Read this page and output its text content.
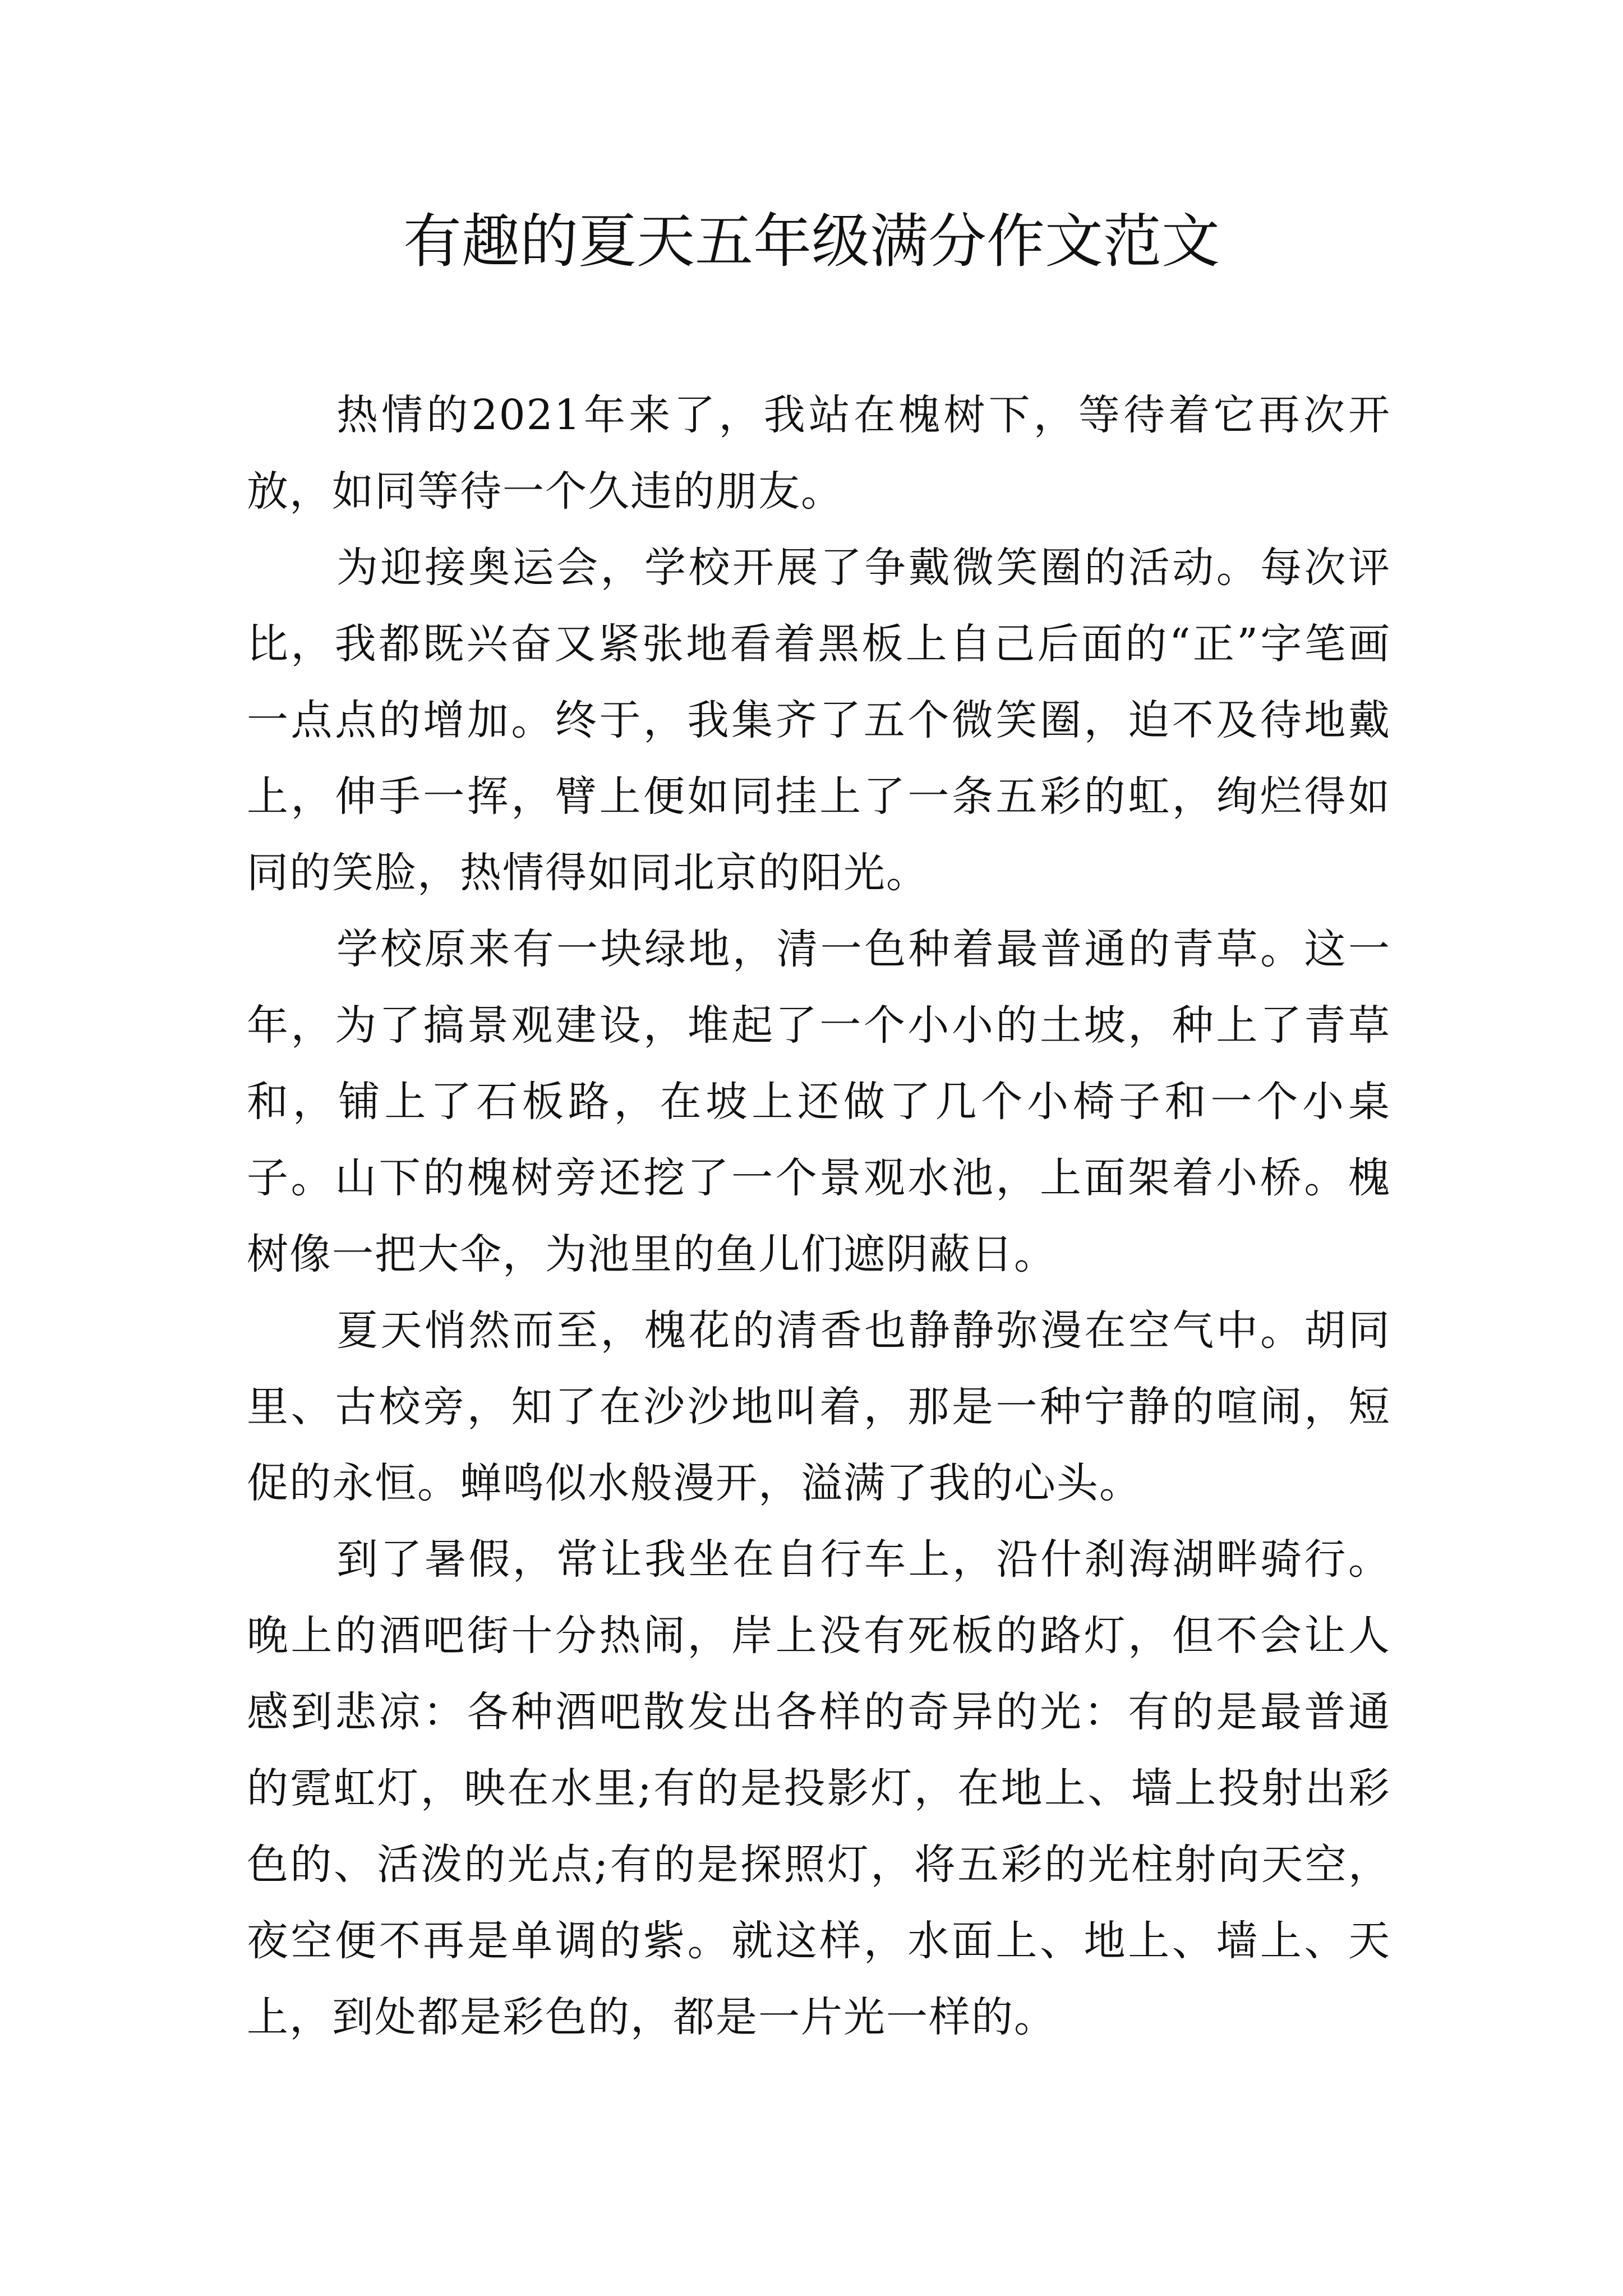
有趣的夏天五年级满分作文范文

热情的2021年来了，我站在槐树下，等待着它再次开放，如同等待一个久违的朋友。

为迎接奥运会，学校开展了争戴微笑圈的活动。每次评比，我都既兴奋又紧张地看着黑板上自己后面的“正”字笔画一点点的增加。终于，我集齐了五个微笑圈，迫不及待地戴上，伸手一挥，臂上便如同挂上了一条五彩的虹，绚烂得如同的笑脸，热情得如同北京的阳光。

学校原来有一块绿地，清一色种着最普通的青草。这一年，为了搞景观建设，堆起了一个小小的土坡，种上了青草和，铺上了石板路，在坡上还做了几个小椅子和一个小桌子。山下的槐树旁还挖了一个景观水池，上面架着小桥。槐树像一把大伞，为池里的鱼儿们遮阴蔽日。

夏天悄然而至，槐花的清香也静静弥漫在空气中。胡同里、古校旁，知了在沙沙地叫着，那是一种宁静的喧闹，短促的永恒。蝉鸣似水般漫开，溢满了我的心头。

到了暑假，常让我坐在自行车上，沿什刹海湖畔骑行。晚上的酒吧街十分热闹，岸上没有死板的路灯，但不会让人感到悲凉：各种酒吧散发出各样的奇异的光：有的是最普通的霓虹灯，映在水里;有的是投影灯，在地上、墙上投射出彩色的、活泼的光点;有的是探照灯，将五彩的光柱射向天空，夜空便不再是单调的紫。就这样，水面上、地上、墙上、天上，到处都是彩色的，都是一片光一样的。
